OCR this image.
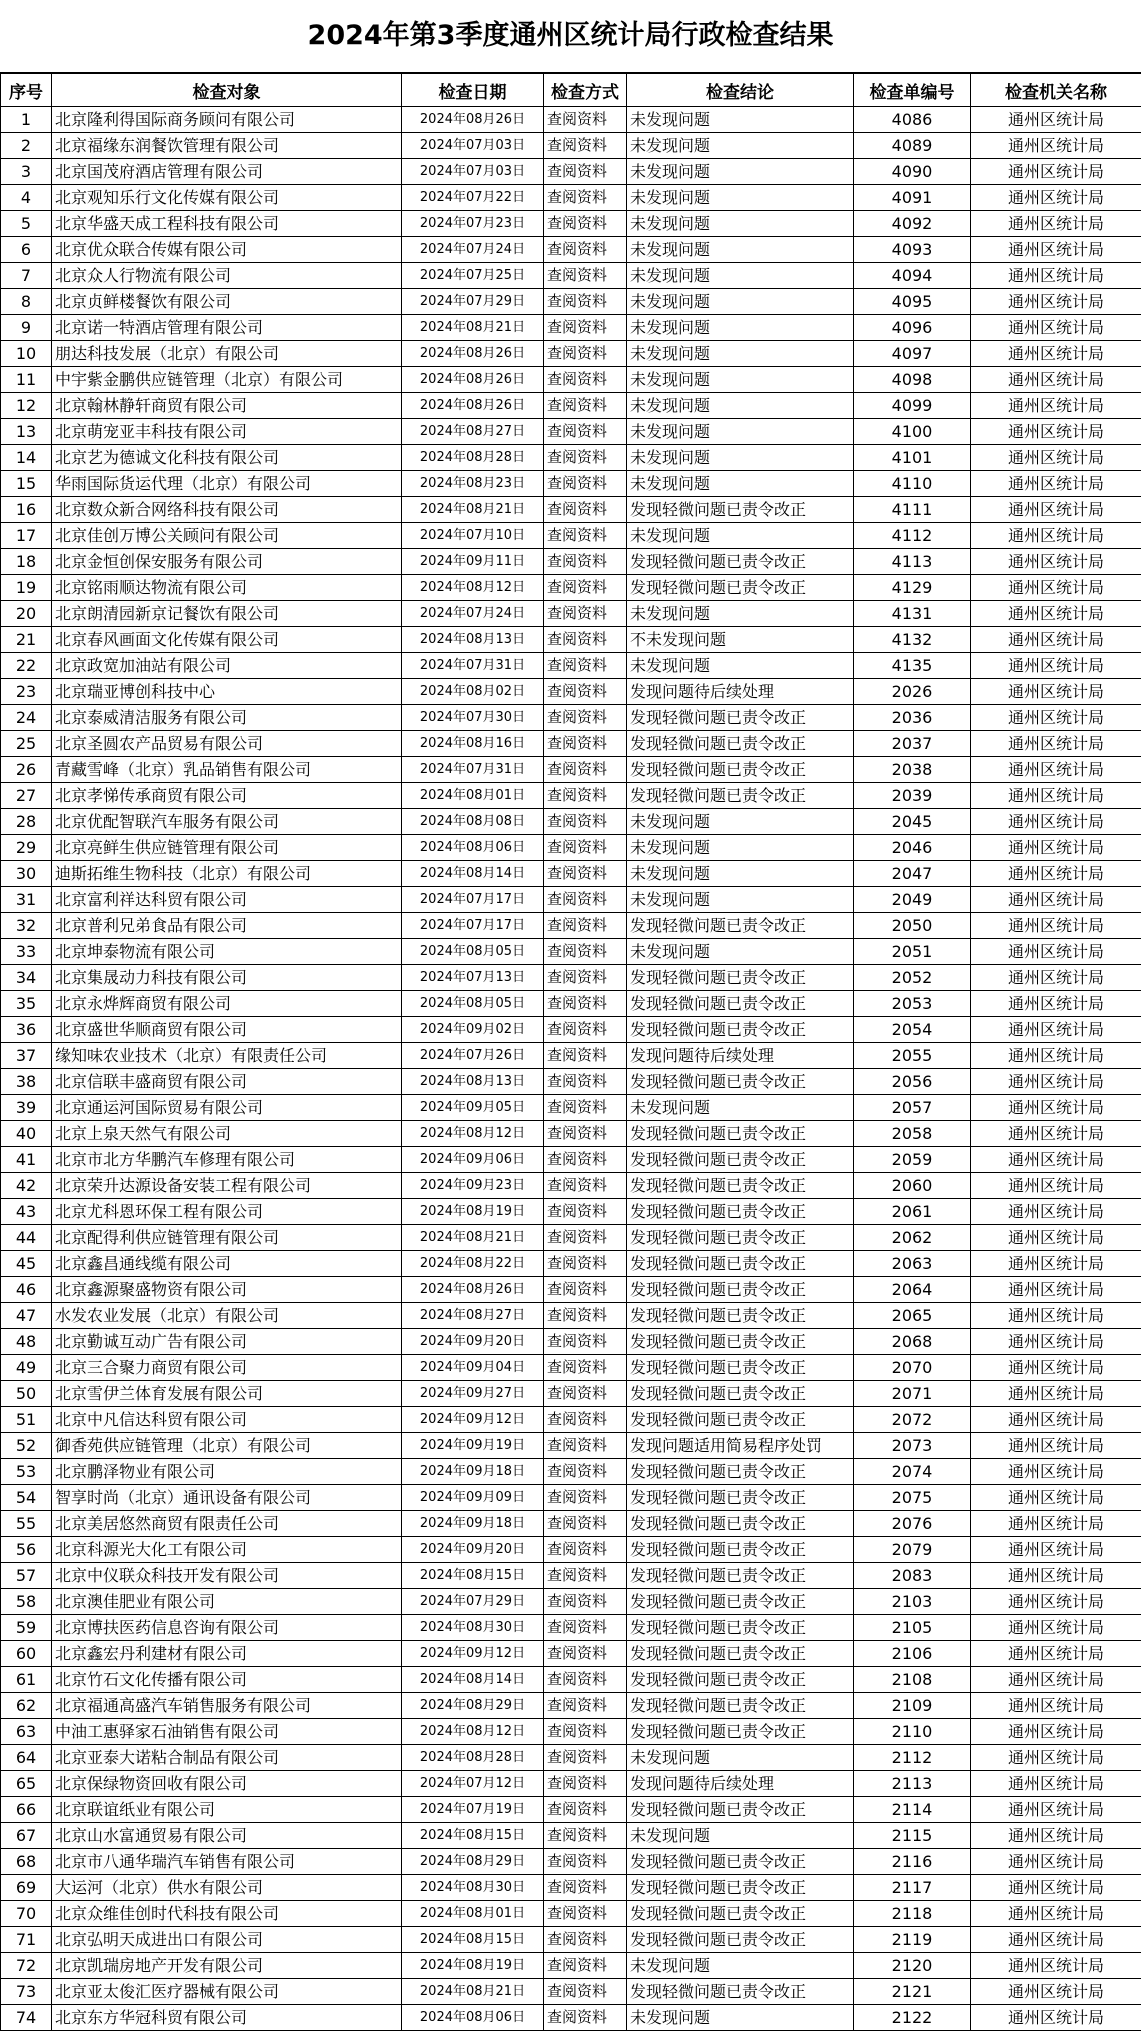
2024年第3季度通州区统计局行政检查结果
序号	检查对象	检查日期	检查方式	检查结论	检查单编号	检查机关名称
1	北京隆利得国际商务顾问有限公司	2024年08月26日	查阅资料	未发现问题	4086	通州区统计局
2	北京福缘东润餐饮管理有限公司	2024年07月03日	查阅资料	未发现问题	4089	通州区统计局
3	北京国茂府酒店管理有限公司	2024年07月03日	查阅资料	未发现问题	4090	通州区统计局
4	北京观知乐行文化传媒有限公司	2024年07月22日	查阅资料	未发现问题	4091	通州区统计局
5	北京华盛天成工程科技有限公司	2024年07月23日	查阅资料	未发现问题	4092	通州区统计局
6	北京优众联合传媒有限公司	2024年07月24日	查阅资料	未发现问题	4093	通州区统计局
7	北京众人行物流有限公司	2024年07月25日	查阅资料	未发现问题	4094	通州区统计局
8	北京贞鲜楼餐饮有限公司	2024年07月29日	查阅资料	未发现问题	4095	通州区统计局
9	北京诺一特酒店管理有限公司	2024年08月21日	查阅资料	未发现问题	4096	通州区统计局
10	朋达科技发展（北京）有限公司	2024年08月26日	查阅资料	未发现问题	4097	通州区统计局
11	中宇紫金鹏供应链管理（北京）有限公司	2024年08月26日	查阅资料	未发现问题	4098	通州区统计局
12	北京翰林静轩商贸有限公司	2024年08月26日	查阅资料	未发现问题	4099	通州区统计局
13	北京萌宠亚丰科技有限公司	2024年08月27日	查阅资料	未发现问题	4100	通州区统计局
14	北京艺为德诚文化科技有限公司	2024年08月28日	查阅资料	未发现问题	4101	通州区统计局
15	华雨国际货运代理（北京）有限公司	2024年08月23日	查阅资料	未发现问题	4110	通州区统计局
16	北京数众新合网络科技有限公司	2024年08月21日	查阅资料	发现轻微问题已责令改正	4111	通州区统计局
17	北京佳创万博公关顾问有限公司	2024年07月10日	查阅资料	未发现问题	4112	通州区统计局
18	北京金恒创保安服务有限公司	2024年09月11日	查阅资料	发现轻微问题已责令改正	4113	通州区统计局
19	北京铭雨顺达物流有限公司	2024年08月12日	查阅资料	发现轻微问题已责令改正	4129	通州区统计局
20	北京朗清园新京记餐饮有限公司	2024年07月24日	查阅资料	未发现问题	4131	通州区统计局
21	北京春风画面文化传媒有限公司	2024年08月13日	查阅资料	不未发现问题	4132	通州区统计局
22	北京政宽加油站有限公司	2024年07月31日	查阅资料	未发现问题	4135	通州区统计局
23	北京瑞亚博创科技中心	2024年08月02日	查阅资料	发现问题待后续处理	2026	通州区统计局
24	北京泰威清洁服务有限公司	2024年07月30日	查阅资料	发现轻微问题已责令改正	2036	通州区统计局
25	北京圣圆农产品贸易有限公司	2024年08月16日	查阅资料	发现轻微问题已责令改正	2037	通州区统计局
26	青藏雪峰（北京）乳品销售有限公司	2024年07月31日	查阅资料	发现轻微问题已责令改正	2038	通州区统计局
27	北京孝悌传承商贸有限公司	2024年08月01日	查阅资料	发现轻微问题已责令改正	2039	通州区统计局
28	北京优配智联汽车服务有限公司	2024年08月08日	查阅资料	未发现问题	2045	通州区统计局
29	北京亮鲜生供应链管理有限公司	2024年08月06日	查阅资料	未发现问题	2046	通州区统计局
30	迪斯拓维生物科技（北京）有限公司	2024年08月14日	查阅资料	未发现问题	2047	通州区统计局
31	北京富利祥达科贸有限公司	2024年07月17日	查阅资料	未发现问题	2049	通州区统计局
32	北京普利兄弟食品有限公司	2024年07月17日	查阅资料	发现轻微问题已责令改正	2050	通州区统计局
33	北京坤泰物流有限公司	2024年08月05日	查阅资料	未发现问题	2051	通州区统计局
34	北京集晟动力科技有限公司	2024年07月13日	查阅资料	发现轻微问题已责令改正	2052	通州区统计局
35	北京永烨辉商贸有限公司	2024年08月05日	查阅资料	发现轻微问题已责令改正	2053	通州区统计局
36	北京盛世华顺商贸有限公司	2024年09月02日	查阅资料	发现轻微问题已责令改正	2054	通州区统计局
37	缘知味农业技术（北京）有限责任公司	2024年07月26日	查阅资料	发现问题待后续处理	2055	通州区统计局
38	北京信联丰盛商贸有限公司	2024年08月13日	查阅资料	发现轻微问题已责令改正	2056	通州区统计局
39	北京通运河国际贸易有限公司	2024年09月05日	查阅资料	未发现问题	2057	通州区统计局
40	北京上泉天然气有限公司	2024年08月12日	查阅资料	发现轻微问题已责令改正	2058	通州区统计局
41	北京市北方华鹏汽车修理有限公司	2024年09月06日	查阅资料	发现轻微问题已责令改正	2059	通州区统计局
42	北京荣升达源设备安装工程有限公司	2024年09月23日	查阅资料	发现轻微问题已责令改正	2060	通州区统计局
43	北京尤科恩环保工程有限公司	2024年08月19日	查阅资料	发现轻微问题已责令改正	2061	通州区统计局
44	北京配得利供应链管理有限公司	2024年08月21日	查阅资料	发现轻微问题已责令改正	2062	通州区统计局
45	北京鑫昌通线缆有限公司	2024年08月22日	查阅资料	发现轻微问题已责令改正	2063	通州区统计局
46	北京鑫源聚盛物资有限公司	2024年08月26日	查阅资料	发现轻微问题已责令改正	2064	通州区统计局
47	水发农业发展（北京）有限公司	2024年08月27日	查阅资料	发现轻微问题已责令改正	2065	通州区统计局
48	北京勤诚互动广告有限公司	2024年09月20日	查阅资料	发现轻微问题已责令改正	2068	通州区统计局
49	北京三合聚力商贸有限公司	2024年09月04日	查阅资料	发现轻微问题已责令改正	2070	通州区统计局
50	北京雪伊兰体育发展有限公司	2024年09月27日	查阅资料	发现轻微问题已责令改正	2071	通州区统计局
51	北京中凡信达科贸有限公司	2024年09月12日	查阅资料	发现轻微问题已责令改正	2072	通州区统计局
52	御香苑供应链管理（北京）有限公司	2024年09月19日	查阅资料	发现问题适用简易程序处罚	2073	通州区统计局
53	北京鹏泽物业有限公司	2024年09月18日	查阅资料	发现轻微问题已责令改正	2074	通州区统计局
54	智享时尚（北京）通讯设备有限公司	2024年09月09日	查阅资料	发现轻微问题已责令改正	2075	通州区统计局
55	北京美居悠然商贸有限责任公司	2024年09月18日	查阅资料	发现轻微问题已责令改正	2076	通州区统计局
56	北京科源光大化工有限公司	2024年09月20日	查阅资料	发现轻微问题已责令改正	2079	通州区统计局
57	北京中仪联众科技开发有限公司	2024年08月15日	查阅资料	发现轻微问题已责令改正	2083	通州区统计局
58	北京澳佳肥业有限公司	2024年07月29日	查阅资料	发现轻微问题已责令改正	2103	通州区统计局
59	北京博扶医药信息咨询有限公司	2024年08月30日	查阅资料	发现轻微问题已责令改正	2105	通州区统计局
60	北京鑫宏丹利建材有限公司	2024年09月12日	查阅资料	发现轻微问题已责令改正	2106	通州区统计局
61	北京竹石文化传播有限公司	2024年08月14日	查阅资料	发现轻微问题已责令改正	2108	通州区统计局
62	北京福通高盛汽车销售服务有限公司	2024年08月29日	查阅资料	发现轻微问题已责令改正	2109	通州区统计局
63	中油工惠驿家石油销售有限公司	2024年08月12日	查阅资料	发现轻微问题已责令改正	2110	通州区统计局
64	北京亚泰大诺粘合制品有限公司	2024年08月28日	查阅资料	未发现问题	2112	通州区统计局
65	北京保绿物资回收有限公司	2024年07月12日	查阅资料	发现问题待后续处理	2113	通州区统计局
66	北京联谊纸业有限公司	2024年07月19日	查阅资料	发现轻微问题已责令改正	2114	通州区统计局
67	北京山水富通贸易有限公司	2024年08月15日	查阅资料	未发现问题	2115	通州区统计局
68	北京市八通华瑞汽车销售有限公司	2024年08月29日	查阅资料	发现轻微问题已责令改正	2116	通州区统计局
69	大运河（北京）供水有限公司	2024年08月30日	查阅资料	发现轻微问题已责令改正	2117	通州区统计局
70	北京众维佳创时代科技有限公司	2024年08月01日	查阅资料	发现轻微问题已责令改正	2118	通州区统计局
71	北京弘明天成进出口有限公司	2024年08月15日	查阅资料	发现轻微问题已责令改正	2119	通州区统计局
72	北京凯瑞房地产开发有限公司	2024年08月19日	查阅资料	未发现问题	2120	通州区统计局
73	北京亚太俊汇医疗器械有限公司	2024年08月21日	查阅资料	发现轻微问题已责令改正	2121	通州区统计局
74	北京东方华冠科贸有限公司	2024年08月06日	查阅资料	未发现问题	2122	通州区统计局
